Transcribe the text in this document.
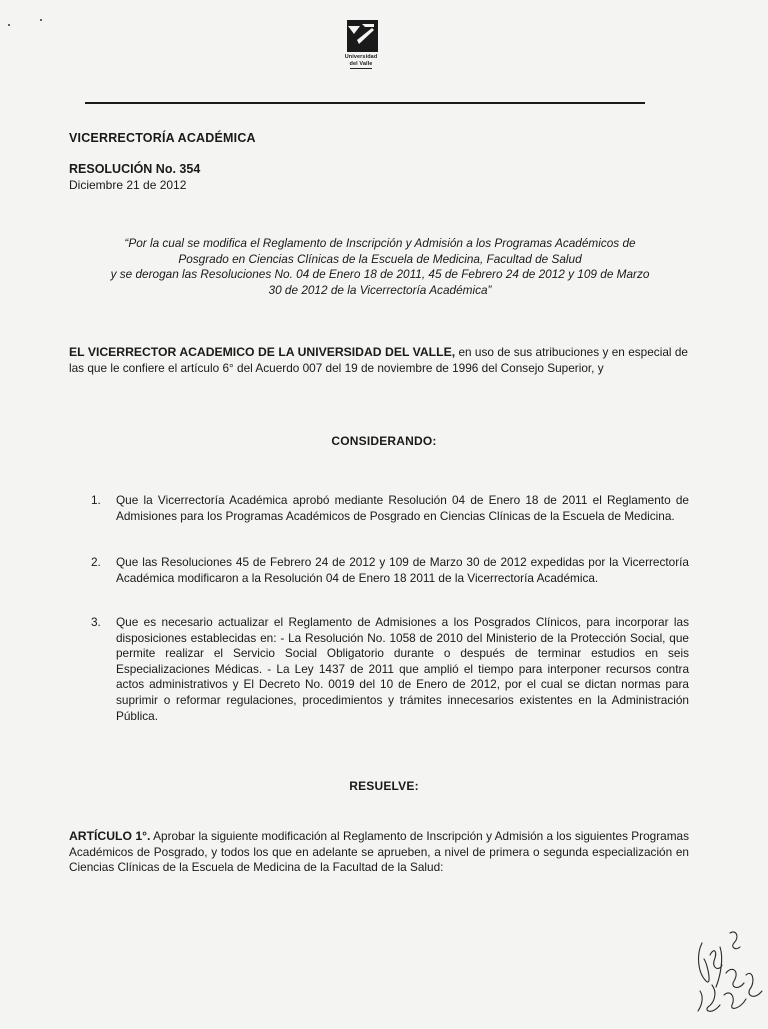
Universidad
del Valle
VICERRECTORÍA ACADÉMICA
RESOLUCIÓN No. 354
Diciembre 21 de 2012
“Por la cual se modifica el Reglamento de Inscripción y Admisión a los Programas Académicos de
Posgrado en Ciencias Clínicas de la Escuela de Medicina, Facultad de Salud
y se derogan las Resoluciones No. 04 de Enero 18 de 2011, 45 de Febrero 24 de 2012 y 109 de Marzo
30 de 2012 de la Vicerrectoría Académica”
EL VICERRECTOR ACADEMICO DE LA UNIVERSIDAD DEL VALLE, en uso de sus atribuciones y en especial de las que le confiere el artículo 6° del Acuerdo 007 del 19 de noviembre de 1996 del Consejo Superior, y
CONSIDERANDO:
1. Que la Vicerrectoría Académica aprobó mediante Resolución 04 de Enero 18 de 2011 el Reglamento de Admisiones para los Programas Académicos de Posgrado en Ciencias Clínicas de la Escuela de Medicina.
2. Que las Resoluciones 45 de Febrero 24 de 2012 y 109 de Marzo 30 de 2012 expedidas por la Vicerrectoría Académica modificaron a la Resolución 04 de Enero 18 2011 de la Vicerrectoría Académica.
3. Que es necesario actualizar el Reglamento de Admisiones a los Posgrados Clínicos, para incorporar las disposiciones establecidas en: - La Resolución No. 1058 de 2010 del Ministerio de la Protección Social, que permite realizar el Servicio Social Obligatorio durante o después de terminar estudios en seis Especializaciones Médicas. - La Ley 1437 de 2011 que amplió el tiempo para interponer recursos contra actos administrativos y El Decreto No. 0019 del 10 de Enero de 2012, por el cual se dictan normas para suprimir o reformar regulaciones, procedimientos y trámites innecesarios existentes en la Administración Pública.
RESUELVE:
ARTÍCULO 1°. Aprobar la siguiente modificación al Reglamento de Inscripción y Admisión a los siguientes Programas Académicos de Posgrado, y todos los que en adelante se aprueben, a nivel de primera o segunda especialización en Ciencias Clínicas de la Escuela de Medicina de la Facultad de la Salud:
